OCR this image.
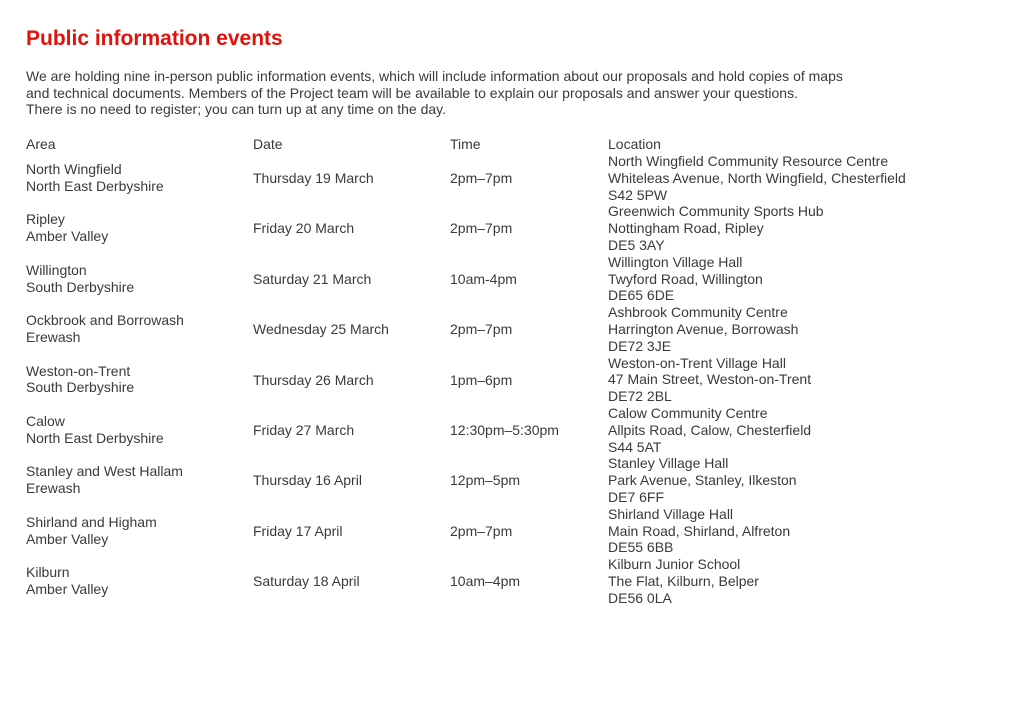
Public information events

We are holding nine in-person public information events, which will include information about our proposals and hold copies of maps

and technical documents. Members of the Project team will be available to explain our proposals and answer your questions.

There is no need to register; you can turn up at any time on the day.

Area	Date	Time	Location
North Wingfield
North East Derbyshire	Thursday 19 March	2pm–7pm
North Wingfield Community Resource Centre
Whiteleas Avenue, North Wingfield, Chesterfield
S42 5PW
Ripley
Amber Valley	Friday 20 March	2pm–7pm
Greenwich Community Sports Hub
Nottingham Road, Ripley
DE5 3AY
Willington
South Derbyshire	Saturday 21 March	10am-4pm
Willington Village Hall
Twyford Road, Willington
DE65 6DE
Ockbrook and Borrowash
Erewash	Wednesday 25 March	2pm–7pm
Ashbrook Community Centre
Harrington Avenue, Borrowash
DE72 3JE
Weston-on-Trent
South Derbyshire	Thursday 26 March	1pm–6pm
Weston-on-Trent Village Hall
47 Main Street, Weston-on-Trent
DE72 2BL
Calow
North East Derbyshire	Friday 27 March	12:30pm–5:30pm
Calow Community Centre
Allpits Road, Calow, Chesterfield
S44 5AT
Stanley and West Hallam
Erewash	Thursday 16 April	12pm–5pm
Stanley Village Hall
Park Avenue, Stanley, Ilkeston
DE7 6FF
Shirland and Higham
Amber Valley	Friday 17 April	2pm–7pm
Shirland Village Hall
Main Road, Shirland, Alfreton
DE55 6BB
Kilburn
Amber Valley	Saturday 18 April	10am–4pm
Kilburn Junior School
The Flat, Kilburn, Belper
DE56 0LA
